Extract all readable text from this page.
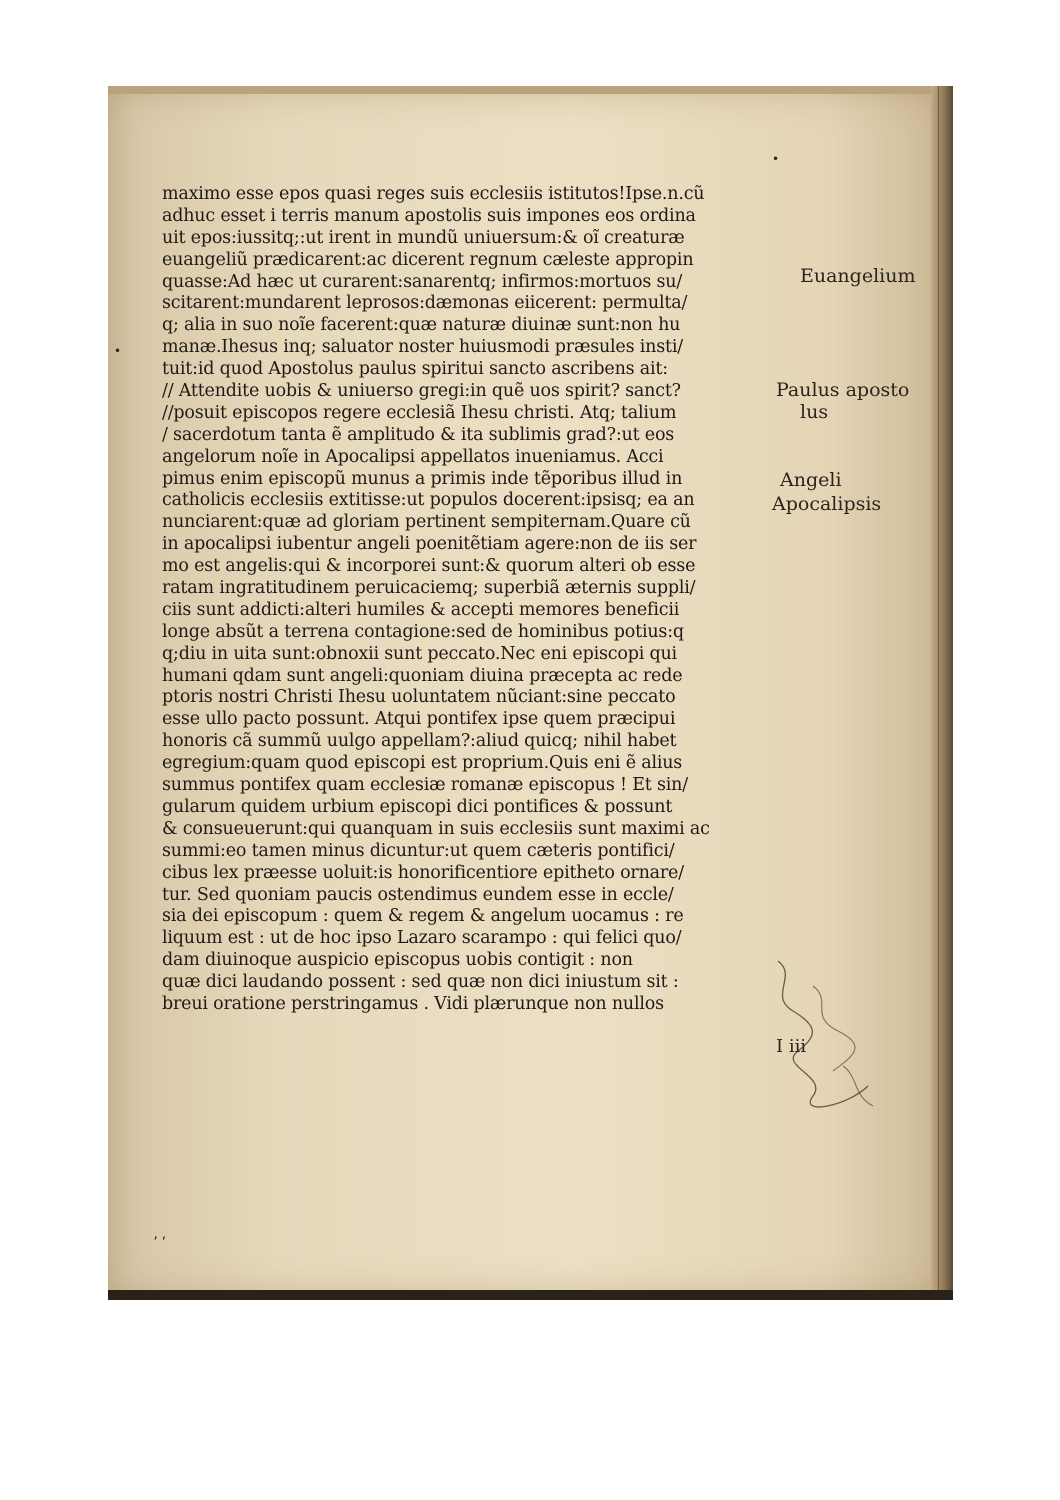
maximo esse epos quasi reges suis ecclesiis istitutos!Ipse.n.cũ
adhuc esset i terris manum apostolis suis impones eos ordina
uit epos:iussitq;:ut irent in mundũ uniuersum:& oĩ creaturæ
euangeliũ prædicarent:ac dicerent regnum cæleste appropin
quasse:Ad hæc ut curarent:sanarentq; infirmos:mortuos su/
scitarent:mundarent leprosos:dæmonas eiicerent: permulta/
q; alia in suo noĩe facerent:quæ naturæ diuinæ sunt:non hu
manæ.Ihesus inq; saluator noster huiusmodi præsules insti/
tuit:id quod Apostolus paulus spiritui sancto ascribens ait:
// Attendite uobis & uniuerso gregi:in quẽ uos spirit? sanct?
//posuit episcopos regere ecclesiã Ihesu christi. Atq; talium
/ sacerdotum tanta ẽ amplitudo & ita sublimis grad?:ut eos
angelorum noĩe in Apocalipsi appellatos inueniamus. Acci
pimus enim episcopũ munus a primis inde tẽporibus illud in
catholicis ecclesiis extitisse:ut populos docerent:ipsisq; ea an
nunciarent:quæ ad gloriam pertinent sempiternam.Quare cũ
in apocalipsi iubentur angeli poenitẽtiam agere:non de iis ser
mo est angelis:qui & incorporei sunt:& quorum alteri ob esse
ratam ingratitudinem peruicaciemq; superbiã æternis suppli/
ciis sunt addicti:alteri humiles & accepti memores beneficii
longe absũt a terrena contagione:sed de hominibus potius:q
q;diu in uita sunt:obnoxii sunt peccato.Nec eni episcopi qui
humani qdam sunt angeli:quoniam diuina præcepta ac rede
ptoris nostri Christi Ihesu uoluntatem nũciant:sine peccato
esse ullo pacto possunt. Atqui pontifex ipse quem præcipui
honoris cã summũ uulgo appellam?:aliud quicq; nihil habet
egregium:quam quod episcopi est proprium.Quis eni ẽ alius
summus pontifex quam ecclesiæ romanæ episcopus ! Et sin/
gularum quidem urbium episcopi dici pontifices & possunt
& consueuerunt:qui quanquam in suis ecclesiis sunt maximi ac
summi:eo tamen minus dicuntur:ut quem cæteris pontifici/
cibus lex præesse uoluit:is honorificentiore epitheto ornare/
tur. Sed quoniam paucis ostendimus eundem esse in eccle/
sia dei episcopum : quem & regem & angelum uocamus : re
liquum est : ut de hoc ipso Lazaro scarampo : qui felici quo/
dam diuinoque auspicio episcopus uobis contigit : non
quæ dici laudando possent : sed quæ non dici iniustum sit :
breui oratione perstringamus . Vidi plærunque non nullos
Euangelium
Paulus aposto
lus
Angeli
Apocalipsis
I iii
•
•
⸴ ⸴
